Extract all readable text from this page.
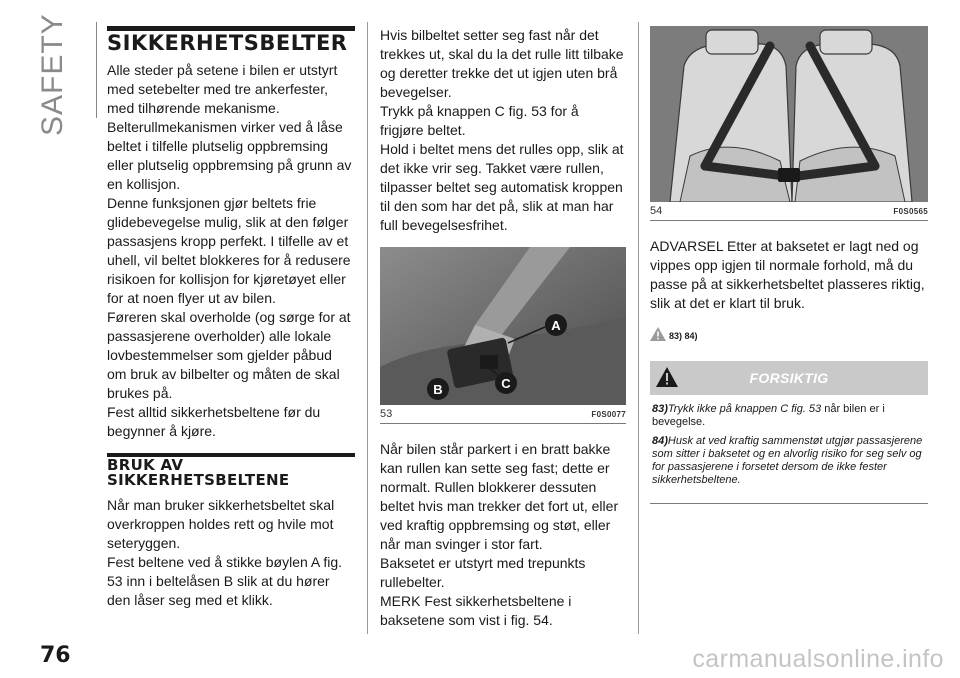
SAFETY	SIKKERHETSBELTER

Alle steder på setene i bilen er utstyrt med setebelter med tre ankerfester, med tilhørende mekanisme.

Belterullmekanismen virker ved å låse beltet i tilfelle plutselig oppbremsing eller plutselig oppbremsing på grunn av en kollisjon.

Denne funksjonen gjør beltets frie glidebevegelse mulig, slik at den følger passasjens kropp perfekt. I tilfelle av et uhell, vil beltet blokkeres for å redusere risikoen for kollisjon for kjøretøyet eller for at noen flyer ut av bilen.

Føreren skal overholde (og sørge for at passasjerene overholder) alle lokale lovbestemmelser som gjelder påbud om bruk av bilbelter og måten de skal brukes på.

Fest alltid sikkerhetsbeltene før du begynner å kjøre.

BRUK AV SIKKERHETSBELTENE

Når man bruker sikkerhetsbeltet skal overkroppen holdes rett og hvile mot seteryggen.

Fest beltene ved å stikke bøylen A fig. 53 inn i beltelåsen B slik at du hører den låser seg med et klikk.

Hvis bilbeltet setter seg fast når det trekkes ut, skal du la det rulle litt tilbake og deretter trekke det ut igjen uten brå bevegelser.

Trykk på knappen C fig. 53 for å frigjøre beltet.

Hold i beltet mens det rulles opp, slik at det ikke vrir seg. Takket være rullen, tilpasser beltet seg automatisk kroppen til den som har det på, slik at man har full bevegelsesfrihet.

A
B	C
53	F0S0077

Når bilen står parkert i en bratt bakke kan rullen kan sette seg fast; dette er normalt. Rullen blokkerer dessuten beltet hvis man trekker det fort ut, eller ved kraftig oppbremsing og støt, eller når man svinger i stor fart.

Baksetet er utstyrt med trepunkts rullebelter.

MERK Fest sikkerhetsbeltene i baksetene som vist i fig. 54.

54	F0S0565

ADVARSEL Etter at baksetet er lagt ned og vippes opp igjen til normale forhold, må du passe på at sikkerhetsbeltet plasseres riktig, slik at det er klart til bruk.

83) 84)
FORSIKTIG

83)Trykk ikke på knappen C fig. 53 når bilen er i bevegelse.

84)Husk at ved kraftig sammenstøt utgjør passasjerene som sitter i baksetet og en alvorlig risiko for seg selv og for passasjerene i forsetet dersom de ikke fester sikkerhetsbeltene.

76	carmanualsonline.info
